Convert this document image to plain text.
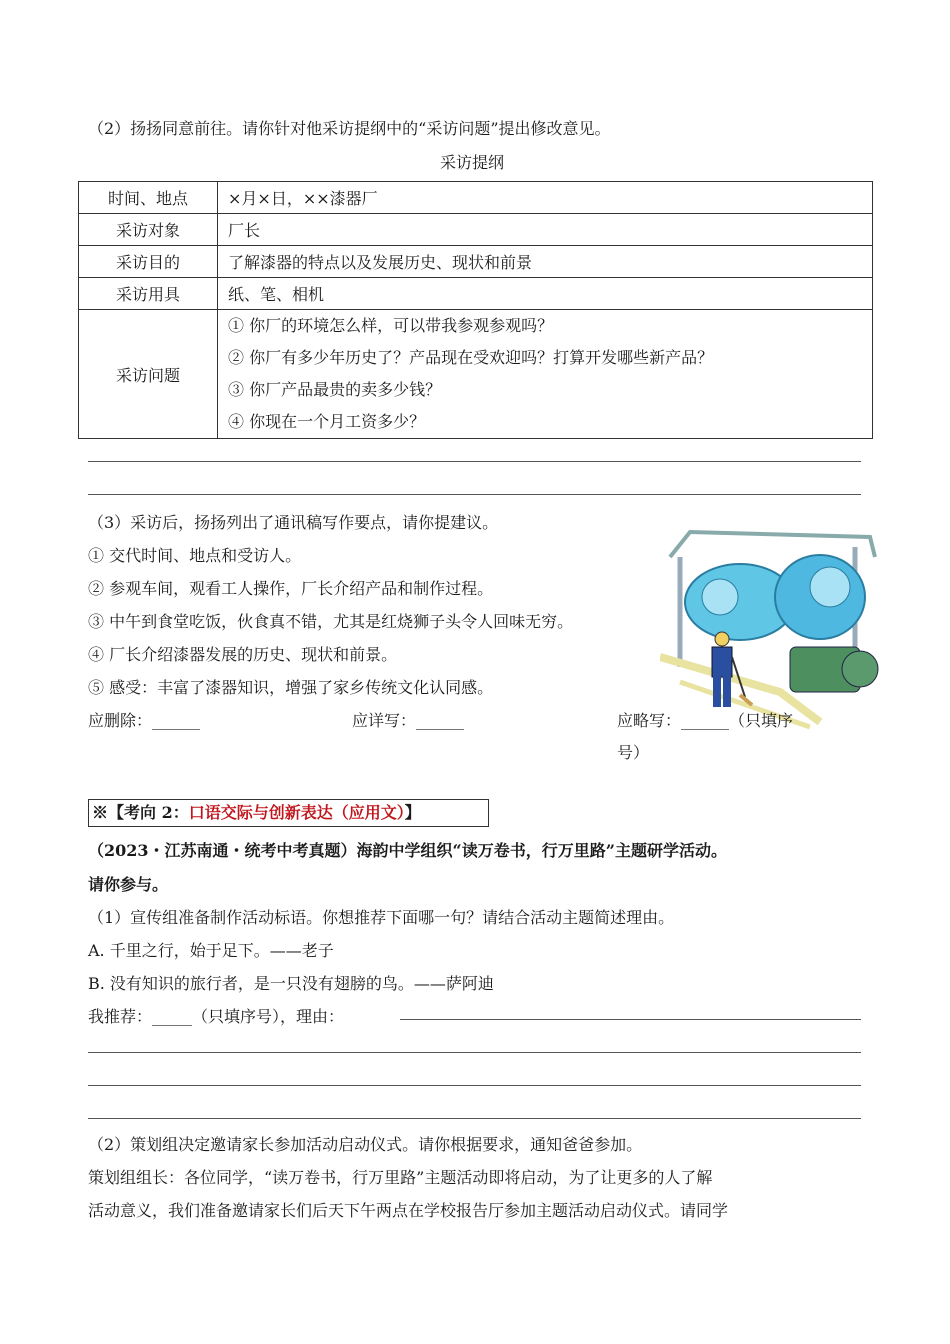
（2）扬扬同意前往。请你针对他采访提纲中的“采访问题”提出修改意见。
采访提纲
时间、地点	×月×日，××漆器厂
采访对象	厂长
采访目的	了解漆器的特点以及发展历史、现状和前景
采访用具	纸、笔、相机
采访问题	① 你厂的环境怎么样，可以带我参观参观吗？
② 你厂有多少年历史了？产品现在受欢迎吗？打算开发哪些新产品？
③ 你厂产品最贵的卖多少钱？
④ 你现在一个月工资多少？
（3）采访后，扬扬列出了通讯稿写作要点，请你提建议。
① 交代时间、地点和受访人。
② 参观车间，观看工人操作，厂长介绍产品和制作过程。
③ 中午到食堂吃饭，伙食真不错，尤其是红烧狮子头令人回味无穷。
④ 厂长介绍漆器发展的历史、现状和前景。
⑤ 感受：丰富了漆器知识，增强了家乡传统文化认同感。
应删除：______	应详写：______	应略写：______（只填序
号）
※【考向 2：口语交际与创新表达（应用文）】
（2023・江苏南通・统考中考真题）海韵中学组织“读万卷书，行万里路”主题研学活动。
请你参与。
（1）宣传组准备制作活动标语。你想推荐下面哪一句？请结合活动主题简述理由。
A. 千里之行，始于足下。——老子
B. 没有知识的旅行者，是一只没有翅膀的鸟。——萨阿迪
我推荐：_____（只填序号），理由：
（2）策划组决定邀请家长参加活动启动仪式。请你根据要求，通知爸爸参加。
策划组组长：各位同学，“读万卷书，行万里路”主题活动即将启动，为了让更多的人了解
活动意义，我们准备邀请家长们后天下午两点在学校报告厅参加主题活动启动仪式。请同学
